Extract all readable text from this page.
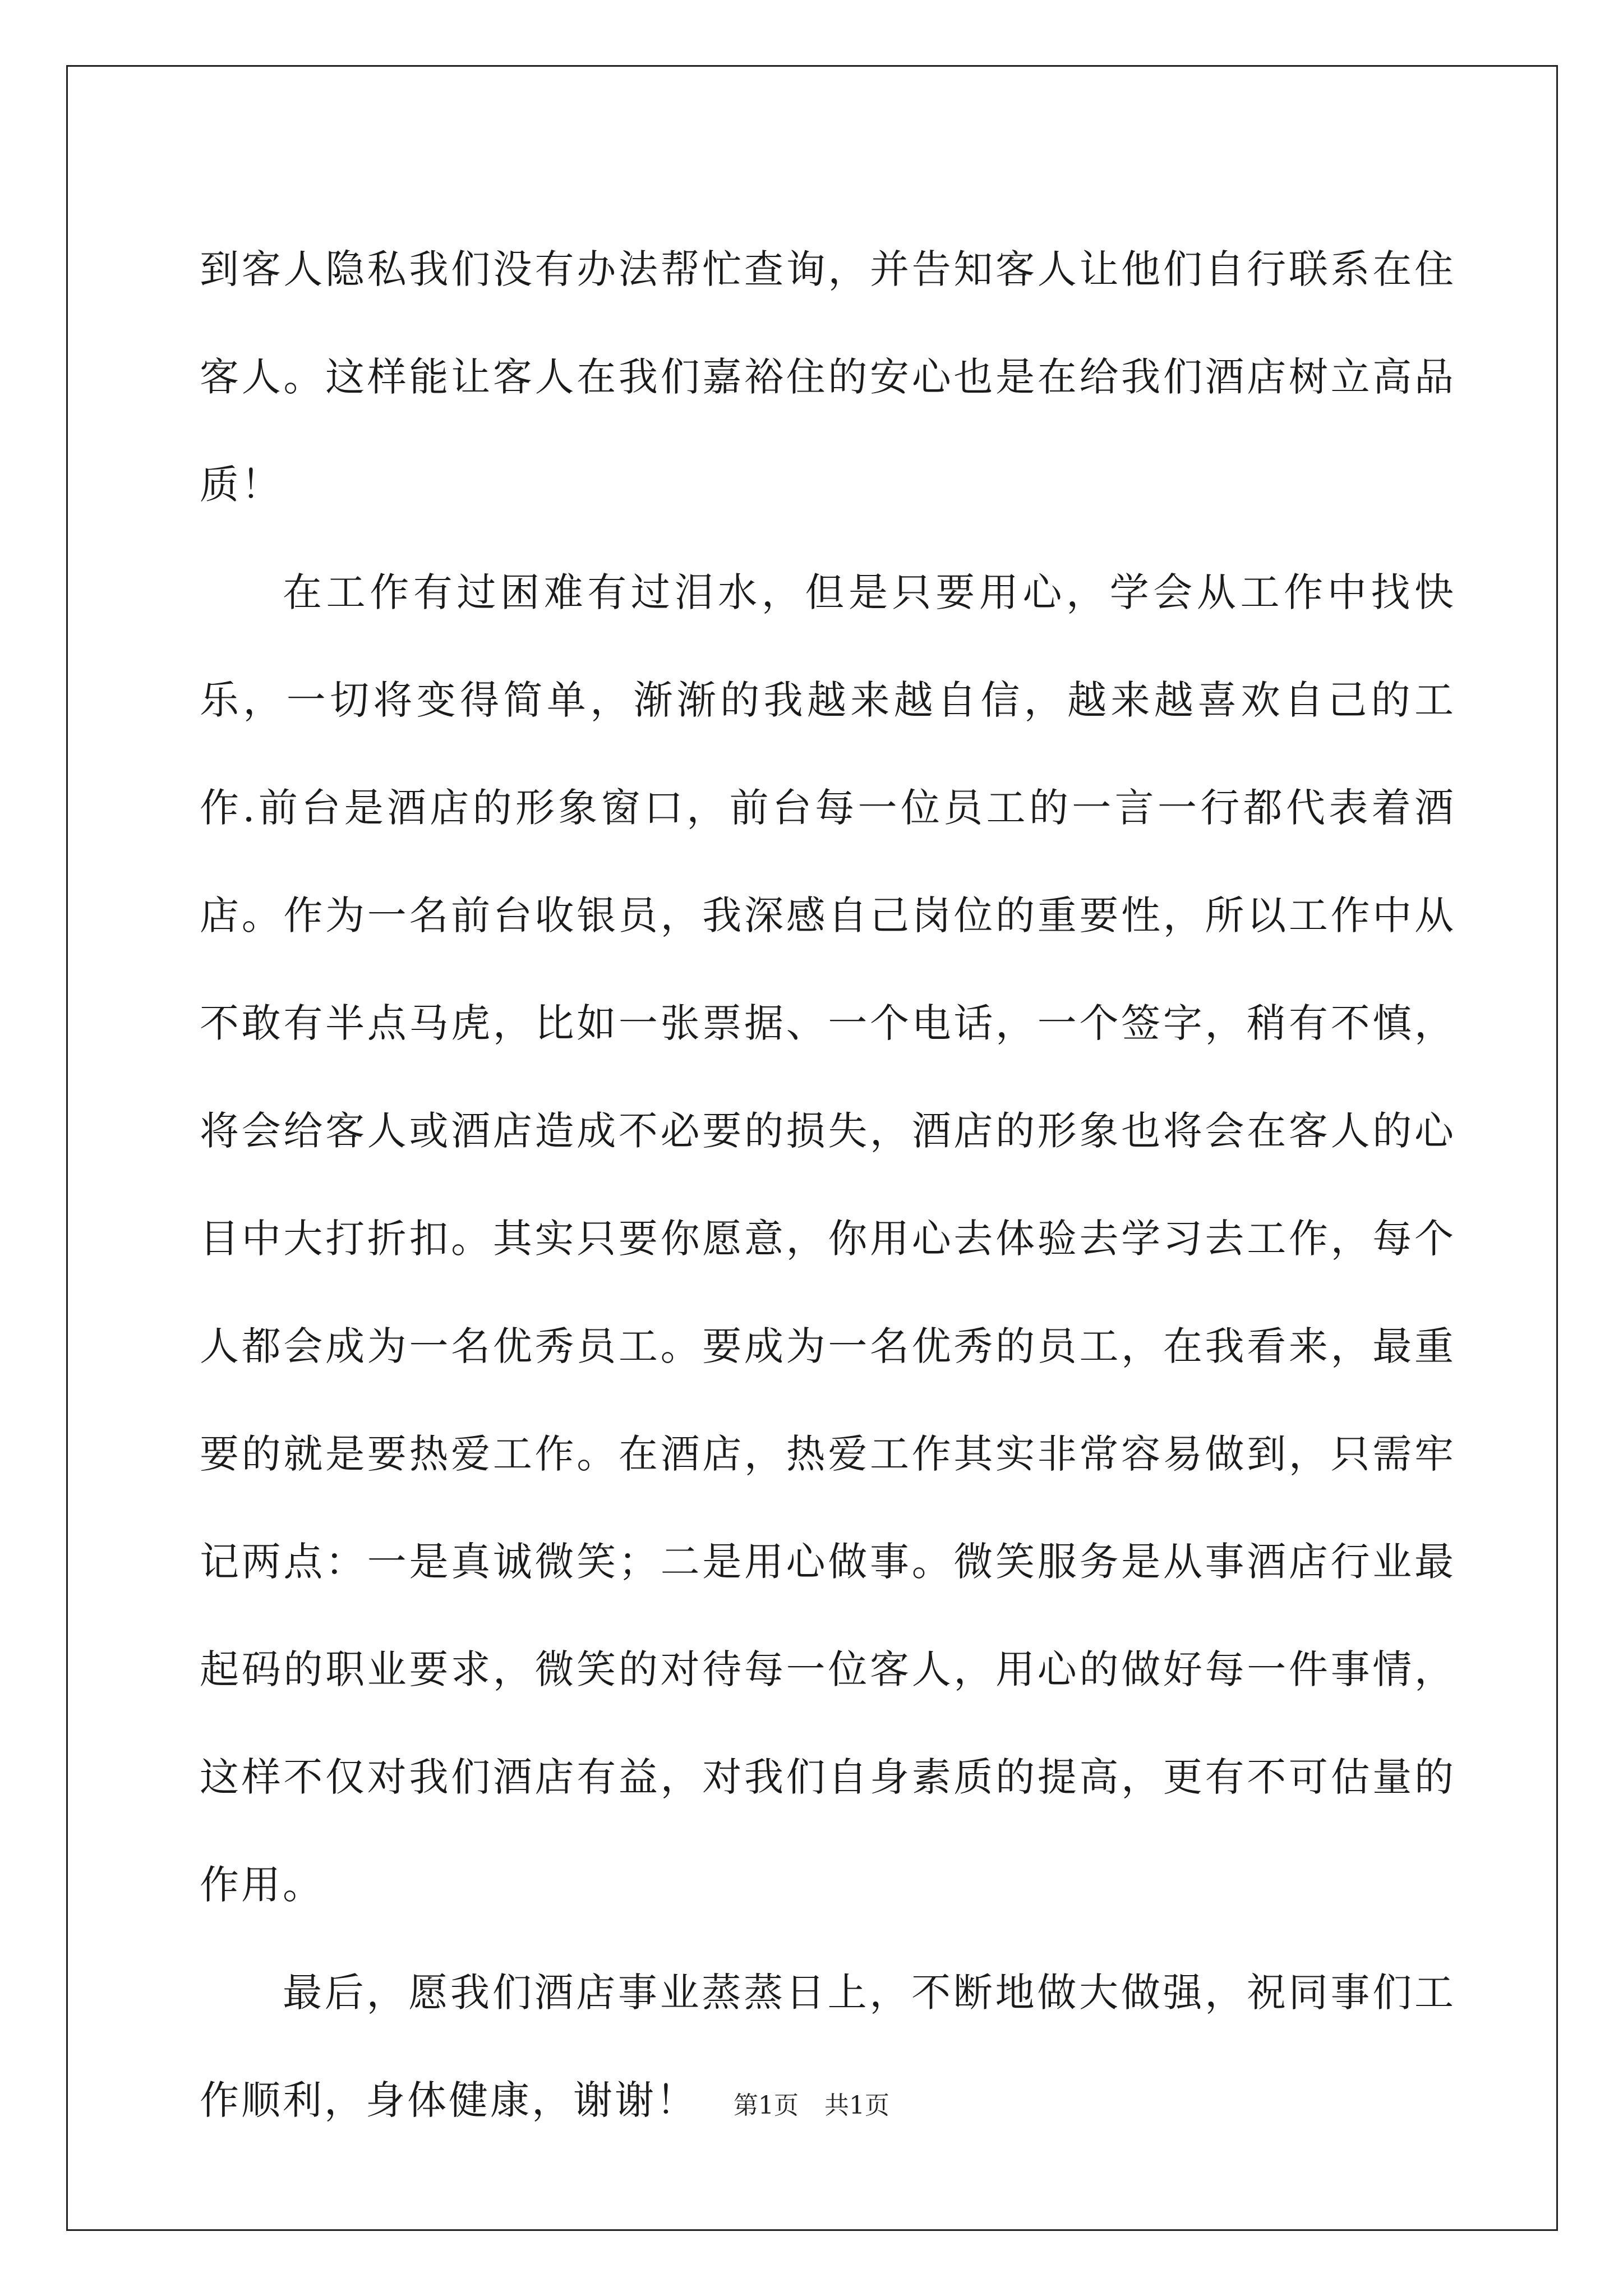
到客人隐私我们没有办法帮忙查询，并告知客人让他们自行联系在住客人。这样能让客人在我们嘉裕住的安心也是在给我们酒店树立高品质！

在工作有过困难有过泪水，但是只要用心，学会从工作中找快乐，一切将变得简单，渐渐的我越来越自信，越来越喜欢自己的工作.前台是酒店的形象窗口，前台每一位员工的一言一行都代表着酒店。作为一名前台收银员，我深感自己岗位的重要性，所以工作中从不敢有半点马虎，比如一张票据、一个电话，一个签字，稍有不慎，将会给客人或酒店造成不必要的损失，酒店的形象也将会在客人的心目中大打折扣。其实只要你愿意，你用心去体验去学习去工作，每个人都会成为一名优秀员工。要成为一名优秀的员工，在我看来，最重要的就是要热爱工作。在酒店，热爱工作其实非常容易做到，只需牢记两点：一是真诚微笑；二是用心做事。微笑服务是从事酒店行业最起码的职业要求，微笑的对待每一位客人，用心的做好每一件事情，这样不仅对我们酒店有益，对我们自身素质的提高，更有不可估量的作用。

最后，愿我们酒店事业蒸蒸日上，不断地做大做强，祝同事们工作顺利，身体健康，谢谢！	第1页 共1页
